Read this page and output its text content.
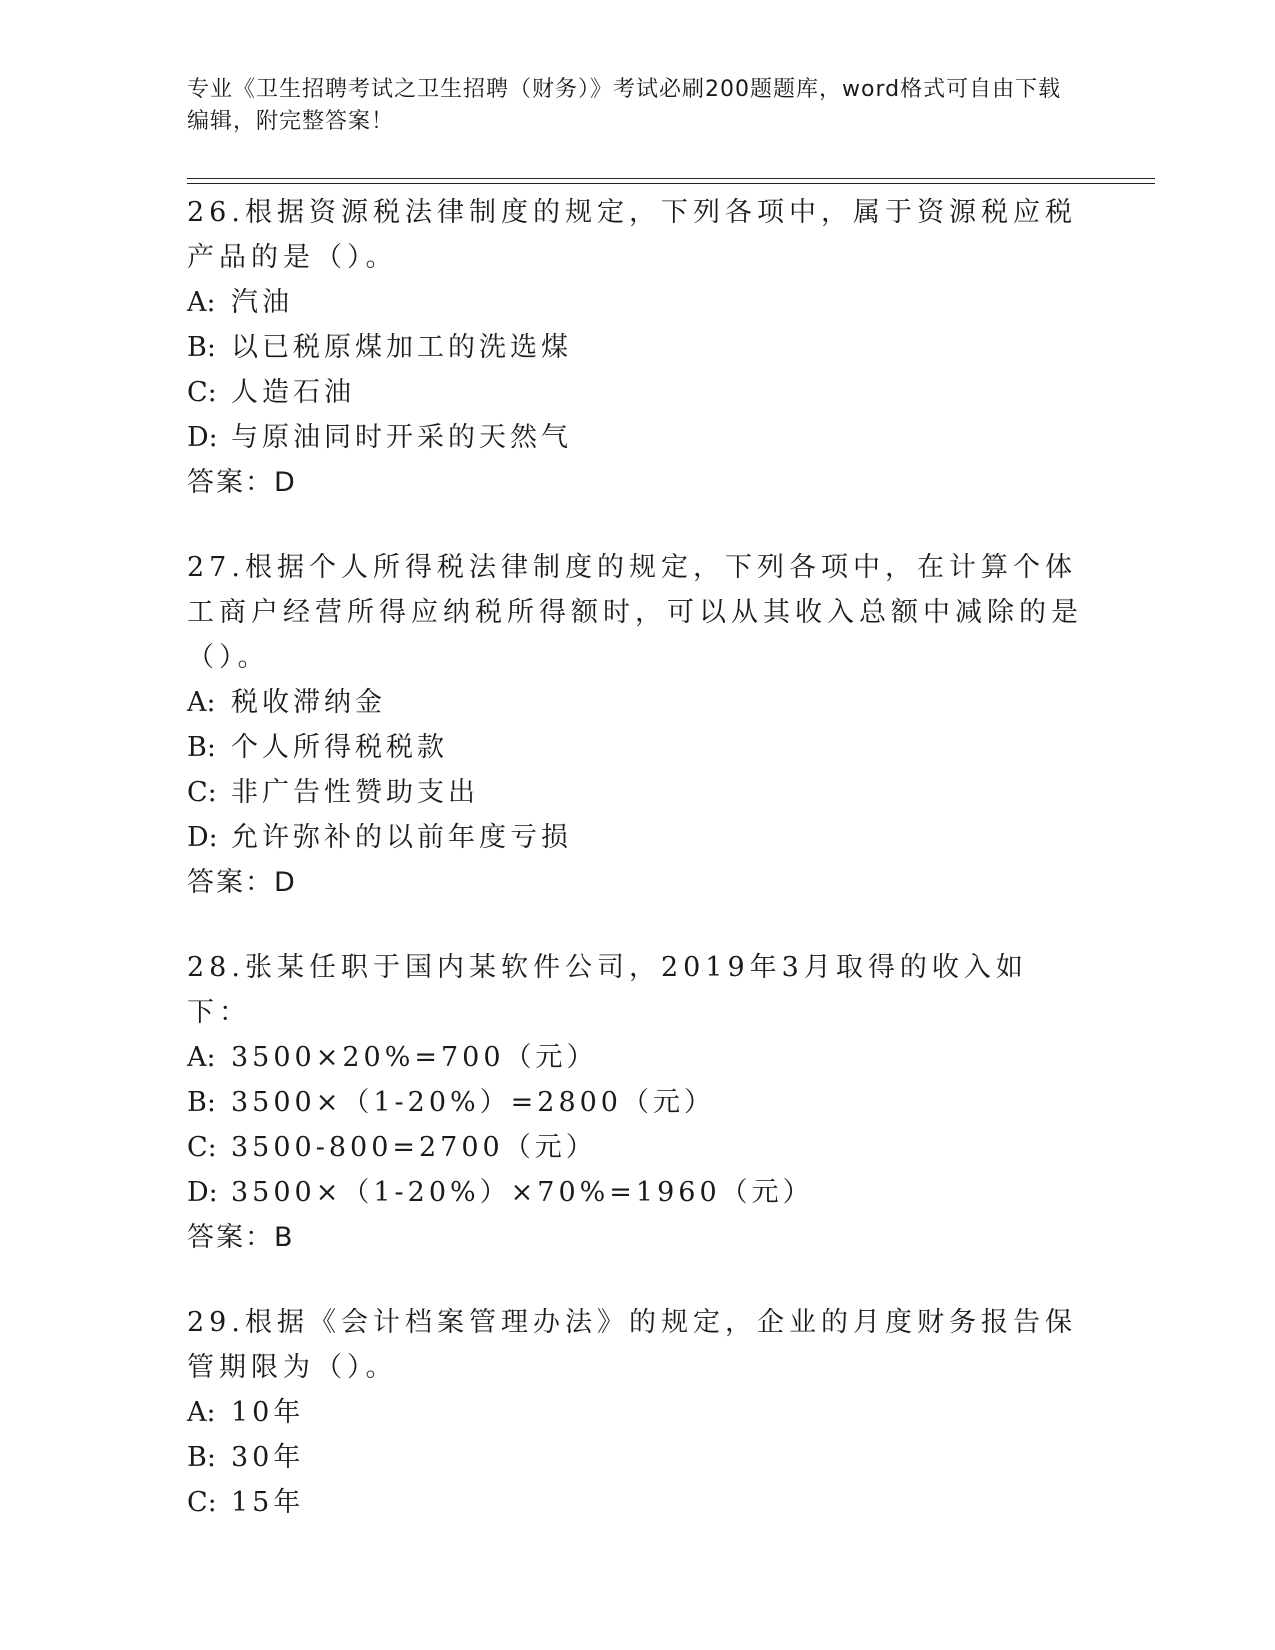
专业《卫生招聘考试之卫生招聘（财务）》考试必刷200题题库，word格式可自由下载编辑，附完整答案！
26.根据资源税法律制度的规定，下列各项中，属于资源税应税产品的是（）。
A: 汽油
B: 以已税原煤加工的洗选煤
C: 人造石油
D: 与原油同时开采的天然气
答案：D
27.根据个人所得税法律制度的规定，下列各项中，在计算个体工商户经营所得应纳税所得额时，可以从其收入总额中减除的是（）。
A: 税收滞纳金
B: 个人所得税税款
C: 非广告性赞助支出
D: 允许弥补的以前年度亏损
答案：D
28.张某任职于国内某软件公司，2019年3月取得的收入如下：
A: 3500×20%=700（元）
B: 3500×（1-20%）=2800（元）
C: 3500-800=2700（元）
D: 3500×（1-20%）×70%=1960（元）
答案：B
29.根据《会计档案管理办法》的规定，企业的月度财务报告保管期限为（）。
A: 10年
B: 30年
C: 15年
